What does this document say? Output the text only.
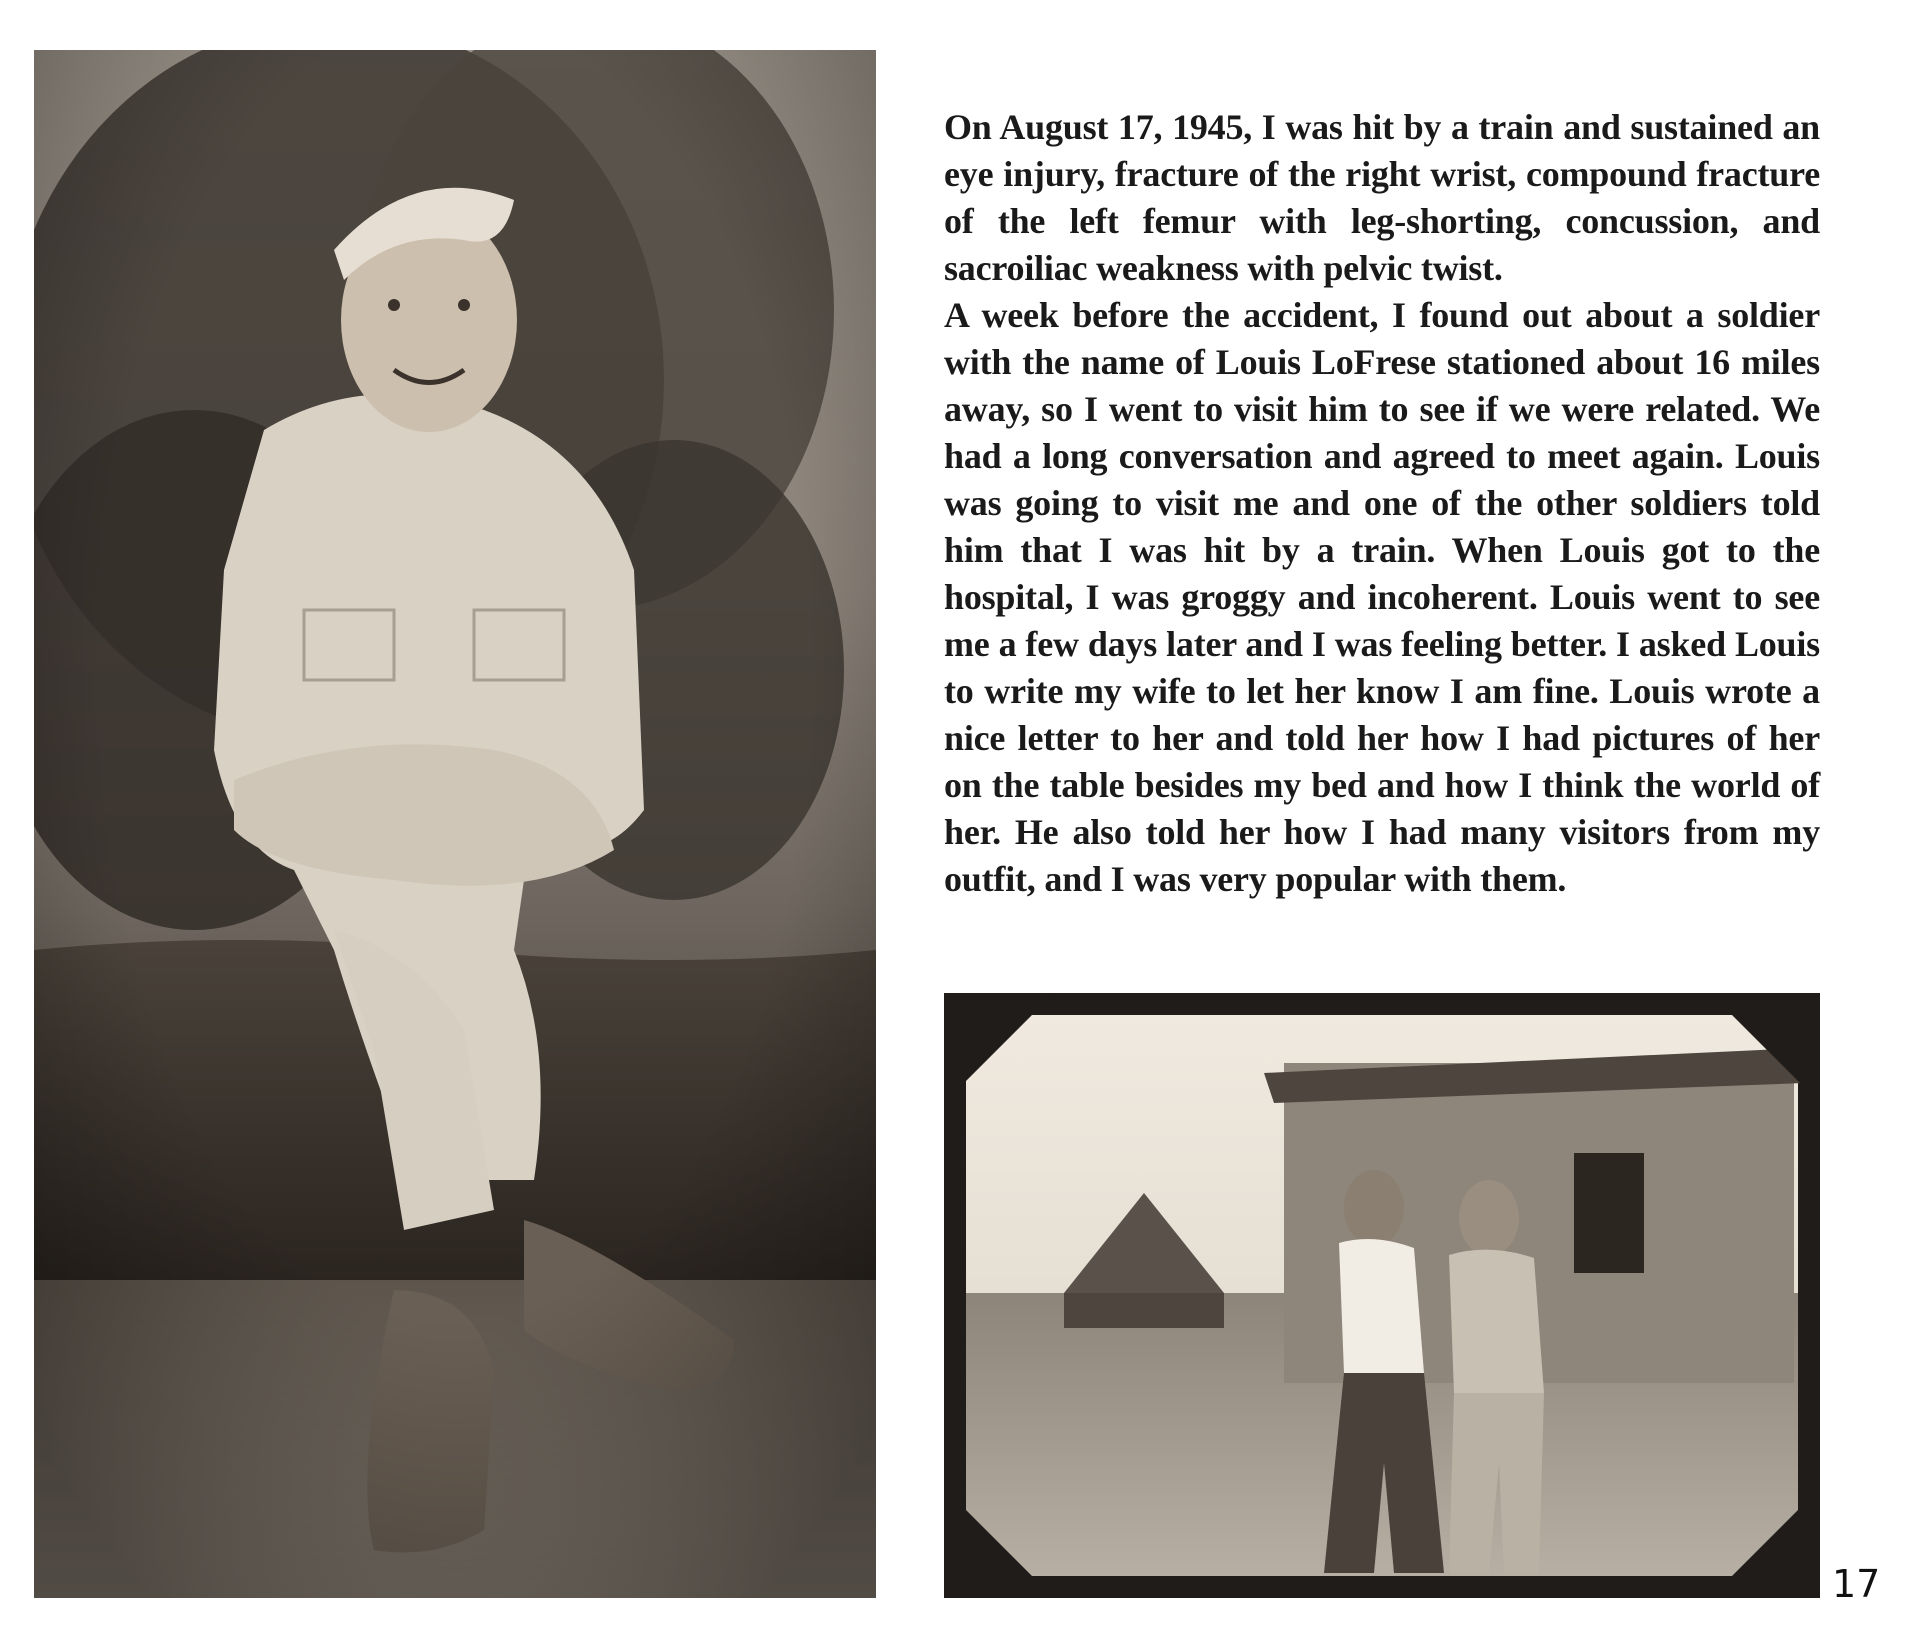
On August 17, 1945, I was hit by a train and sustained an eye injury, fracture of the right wrist, compound fracture of the left femur with leg-shorting, concussion, and sacroiliac weakness with pelvic twist.

A week before the accident, I found out about a soldier with the name of Louis LoFrese stationed about 16 miles away, so I went to visit him to see if we were related. We had a long conversation and agreed to meet again. Louis was going to visit me and one of the other soldiers told him that I was hit by a train. When Louis got to the hospital, I was groggy and incoherent. Louis went to see me a few days later and I was feeling better. I asked Louis to write my wife to let her know I am fine. Louis wrote a nice letter to her and told her how I had pictures of her on the table besides my bed and how I think the world of her. He also told her how I had many visitors from my outfit, and I was very popular with them.

17
